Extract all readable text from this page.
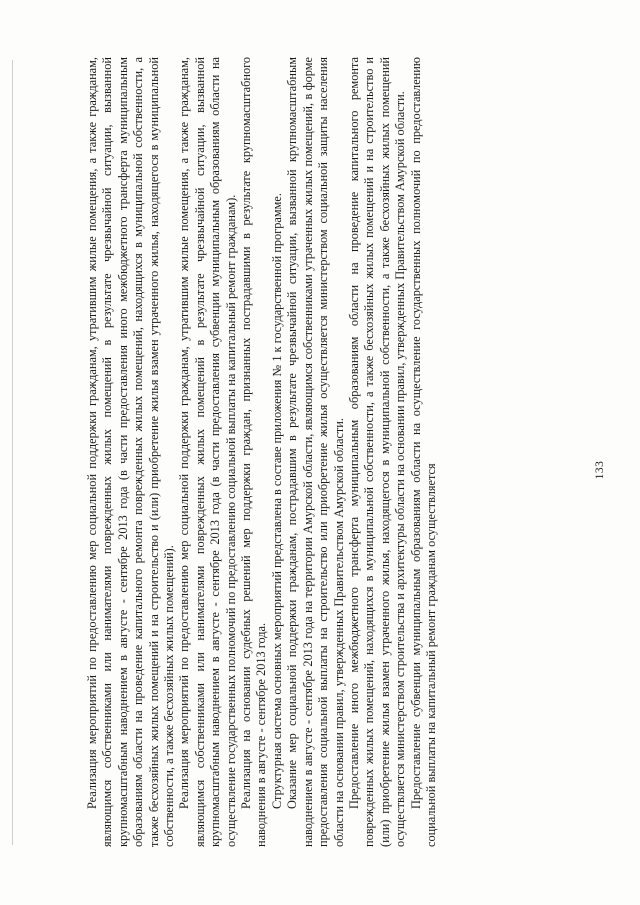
133

Реализация мероприятий по предоставлению мер социальной поддержки гражданам, утратившим жилые помещения, а также гражданам, являющимся собственниками или нанимателями поврежденных жилых помещений в результате чрезвычайной ситуации, вызванной крупномасштабным наводнением в августе - сентябре 2013 года (в части предоставления иного межбюджетного трансферта муниципальным образованиям области на проведение капитального ремонта поврежденных жилых помещений, находящихся в муниципальной собственности, а также бесхозяйных жилых помещений и на строительство и (или) приобретение жилья взамен утраченного жилья, находящегося в муниципальной собственности, а также бесхозяйных жилых помещений). Реализация мероприятий по предоставлению мер социальной поддержки гражданам, утратившим жилые помещения, а также гражданам, являющимся собственниками или нанимателями поврежденных жилых помещений в результате чрезвычайной ситуации, вызванной крупномасштабным наводнением в августе - сентябре 2013 года (в части предоставления субвенции муниципальным образованиям области на осуществление государственных полномочий по предоставлению социальной выплаты на капитальный ремонт гражданам). Реализация на основании судебных решений мер поддержки граждан, признанных пострадавшими в результате крупномасштабного наводнения в августе - сентябре 2013 года. Структурная система основных мероприятий представлена в составе приложения № 1 к государственной программе. Оказание мер социальной поддержки гражданам, пострадавшим в результате чрезвычайной ситуации, вызванной крупномасштабным наводнением в августе - сентябре 2013 года на территории Амурской области, являющимся собственниками утраченных жилых помещений, в форме предоставления социальной выплаты на строительство или приобретение жилья осуществляется министерством социальной защиты населения области на основании правил, утвержденных Правительством Амурской области. Предоставление иного межбюджетного трансферта муниципальным образованиям области на проведение капитального ремонта поврежденных жилых помещений, находящихся в муниципальной собственности, а также бесхозяйных жилых помещений и на строительство и (или) приобретение жилья взамен утраченного жилья, находящегося в муниципальной собственности, а также бесхозяйных жилых помещений осуществляется министерством строительства и архитектуры области на основании правил, утвержденных Правительством Амурской области. Предоставление субвенции муниципальным образованиям области на осуществление государственных полномочий по предоставлению социальной выплаты на капитальный ремонт гражданам осуществляется
